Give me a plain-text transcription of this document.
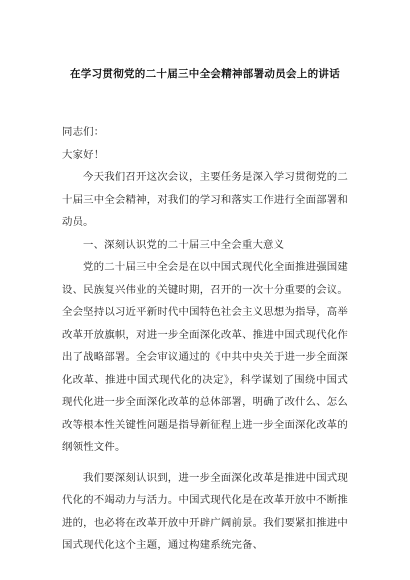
在学习贯彻党的二十届三中全会精神部署动员会上的讲话

同志们：

大家好！

今天我们召开这次会议，主要任务是深入学习贯彻党的二十届三中全会精神，对我们的学习和落实工作进行全面部署和动员。

一、深刻认识党的二十届三中全会重大意义

党的二十届三中全会是在以中国式现代化全面推进强国建设、民族复兴伟业的关键时期，召开的一次十分重要的会议。全会坚持以习近平新时代中国特色社会主义思想为指导，高举改革开放旗帜，对进一步全面深化改革、推进中国式现代化作出了战略部署。全会审议通过的《中共中央关于进一步全面深化改革、推进中国式现代化的决定》，科学谋划了围绕中国式现代化进一步全面深化改革的总体部署，明确了改什么、怎么改等根本性关键性问题是指导新征程上进一步全面深化改革的纲领性文件。

我们要深刻认识到，进一步全面深化改革是推进中国式现代化的不竭动力与活力。中国式现代化是在改革开放中不断推进的，也必将在改革开放中开辟广阔前景。我们要紧扣推进中国式现代化这个主题，通过构建系统完备、
